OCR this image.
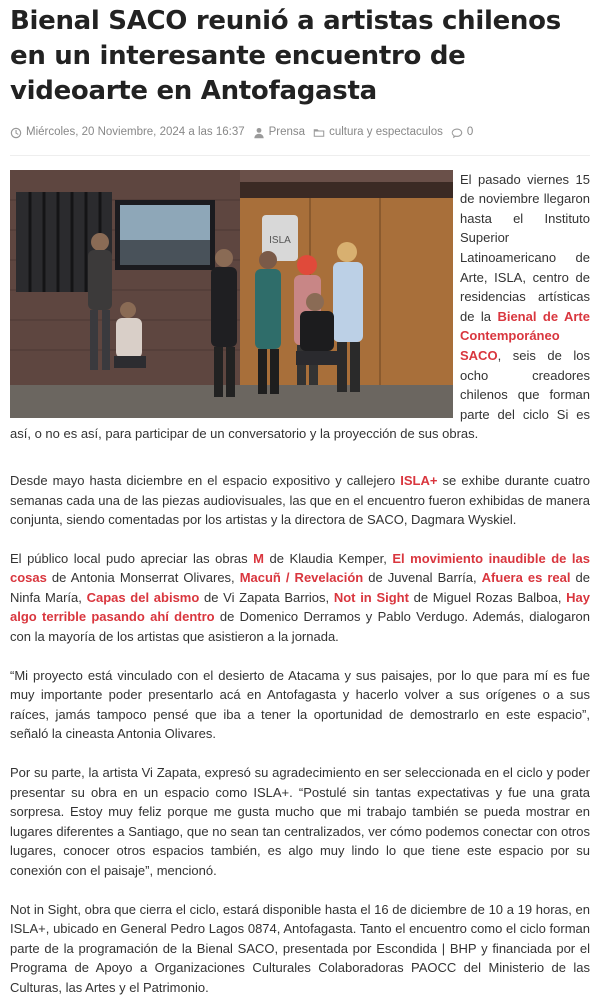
Bienal SACO reunió a artistas chilenos en un interesante encuentro de videoarte en Antofagasta
Miércoles, 20 Noviembre, 2024 a las 16:37 Prensa cultura y espectaculos 0
ISLA

El pasado viernes 15 de noviembre llegaron hasta el Instituto Superior Latinoamericano de Arte, ISLA, centro de residencias artísticas de la Bienal de Arte Contemporáneo SACO, seis de los ocho creadores chilenos que forman parte del ciclo Si es así, o no es así, para participar de un conversatorio y la proyección de sus obras.

Desde mayo hasta diciembre en el espacio expositivo y callejero ISLA+ se exhibe durante cuatro semanas cada una de las piezas audiovisuales, las que en el encuentro fueron exhibidas de manera conjunta, siendo comentadas por los artistas y la directora de SACO, Dagmara Wyskiel.

El público local pudo apreciar las obras M de Klaudia Kemper, El movimiento inaudible de las cosas de Antonia Monserrat Olivares, Macuñ / Revelación de Juvenal Barría, Afuera es real de Ninfa María, Capas del abismo de Vi Zapata Barrios, Not in Sight de Miguel Rozas Balboa, Hay algo terrible pasando ahí dentro de Domenico Derramos y Pablo Verdugo. Además, dialogaron con la mayoría de los artistas que asistieron a la jornada.

“Mi proyecto está vinculado con el desierto de Atacama y sus paisajes, por lo que para mí es fue muy importante poder presentarlo acá en Antofagasta y hacerlo volver a sus orígenes o a sus raíces, jamás tampoco pensé que iba a tener la oportunidad de demostrarlo en este espacio”, señaló la cineasta Antonia Olivares.

Por su parte, la artista Vi Zapata, expresó su agradecimiento en ser seleccionada en el ciclo y poder presentar su obra en un espacio como ISLA+. “Postulé sin tantas expectativas y fue una grata sorpresa. Estoy muy feliz porque me gusta mucho que mi trabajo también se pueda mostrar en lugares diferentes a Santiago, que no sean tan centralizados, ver cómo podemos conectar con otros lugares, conocer otros espacios también, es algo muy lindo lo que tiene este espacio por su conexión con el paisaje”, mencionó.

Not in Sight, obra que cierra el ciclo, estará disponible hasta el 16 de diciembre de 10 a 19 horas, en ISLA+, ubicado en General Pedro Lagos 0874, Antofagasta. Tanto el encuentro como el ciclo forman parte de la programación de la Bienal SACO, presentada por Escondida | BHP y financiada por el Programa de Apoyo a Organizaciones Culturales Colaboradoras PAOCC del Ministerio de las Culturas, las Artes y el Patrimonio.
